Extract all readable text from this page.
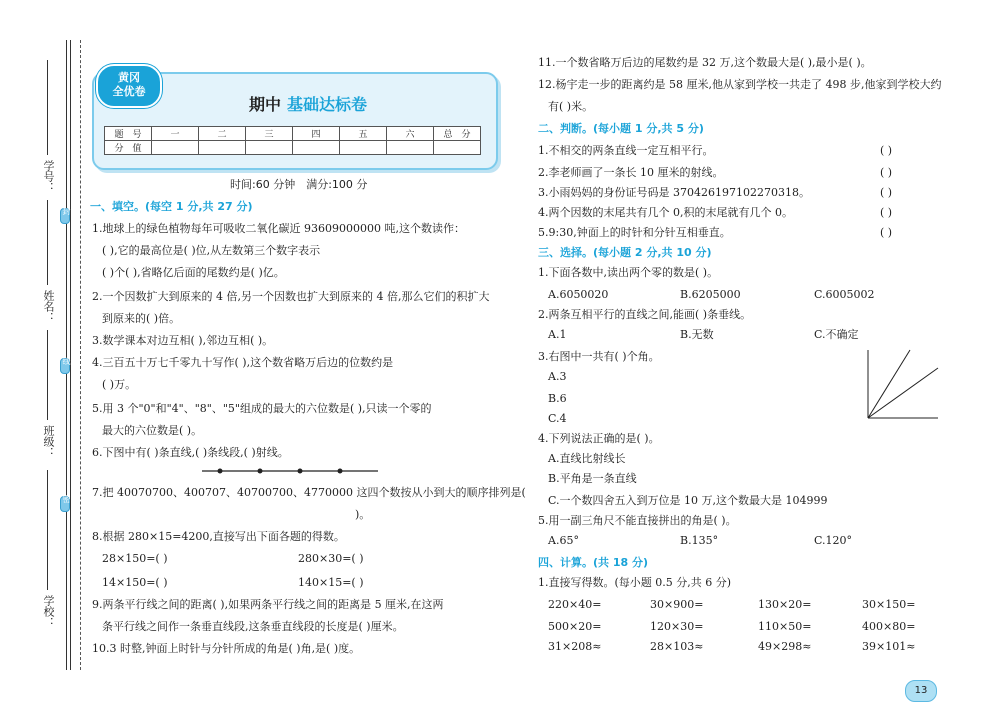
学号：
姓名：
班级：
学校：
封
线
密
期中 基础达标卷
黄冈
全优卷
题　号	一	二	三	四	五	六	总　分
分　值							
时间:60 分钟　满分:100 分
一、填空。(每空 1 分,共 27 分)
1.地球上的绿色植物每年可吸收二氧化碳近 93609000000 吨,这个数读作：
( ),它的最高位是( )位,从左数第三个数字表示
( )个( ),省略亿后面的尾数约是( )亿。
2.一个因数扩大到原来的 4 倍,另一个因数也扩大到原来的 4 倍,那么它们的积扩大
到原来的( )倍。
3.数学课本对边互相( ),邻边互相( )。
4.三百五十万七千零九十写作( ),这个数省略万后边的位数约是
( )万。
5.用 3 个"0"和"4"、"8"、"5"组成的最大的六位数是( ),只读一个零的
最大的六位数是( )。
6.下图中有( )条直线,( )条线段,( )射线。
7.把 40070700、400707、40700700、4770000 这四个数按从小到大的顺序排列是(
)。
8.根据 280×15=4200,直接写出下面各题的得数。
28×150=( )	280×30=( )
14×150=( )	140×15=( )
9.两条平行线之间的距离( ),如果两条平行线之间的距离是 5 厘米,在这两
条平行线之间作一条垂直线段,这条垂直线段的长度是( )厘米。
10.3 时整,钟面上时针与分针所成的角是( )角,是( )度。
11.一个数省略万后边的尾数约是 32 万,这个数最大是( ),最小是( )。
12.杨宇走一步的距离约是 58 厘米,他从家到学校一共走了 498 步,他家到学校大约
有( )米。
二、判断。(每小题 1 分,共 5 分)
1.不相交的两条直线一定互相平行。	( )
2.李老师画了一条长 10 厘米的射线。	( )
3.小雨妈妈的身份证号码是 370426197102270318。	( )
4.两个因数的末尾共有几个 0,积的末尾就有几个 0。	( )
5.9:30,钟面上的时针和分针互相垂直。	( )
三、选择。(每小题 2 分,共 10 分)
1.下面各数中,读出两个零的数是( )。
A.6050020	B.6205000	C.6005002
2.两条互相平行的直线之间,能画( )条垂线。
A.1	B.无数	C.不确定
3.右图中一共有( )个角。
A.3
B.6
C.4
4.下列说法正确的是( )。
A.直线比射线长
B.平角是一条直线
C.一个数四舍五入到万位是 10 万,这个数最大是 104999
5.用一副三角尺不能直接拼出的角是( )。
A.65°	B.135°	C.120°
四、计算。(共 18 分)
1.直接写得数。(每小题 0.5 分,共 6 分)
220×40=	30×900=	130×20=	30×150=
500×20=	120×30=	110×50=	400×80=
31×208≈	28×103≈	49×298≈	39×101≈
13
